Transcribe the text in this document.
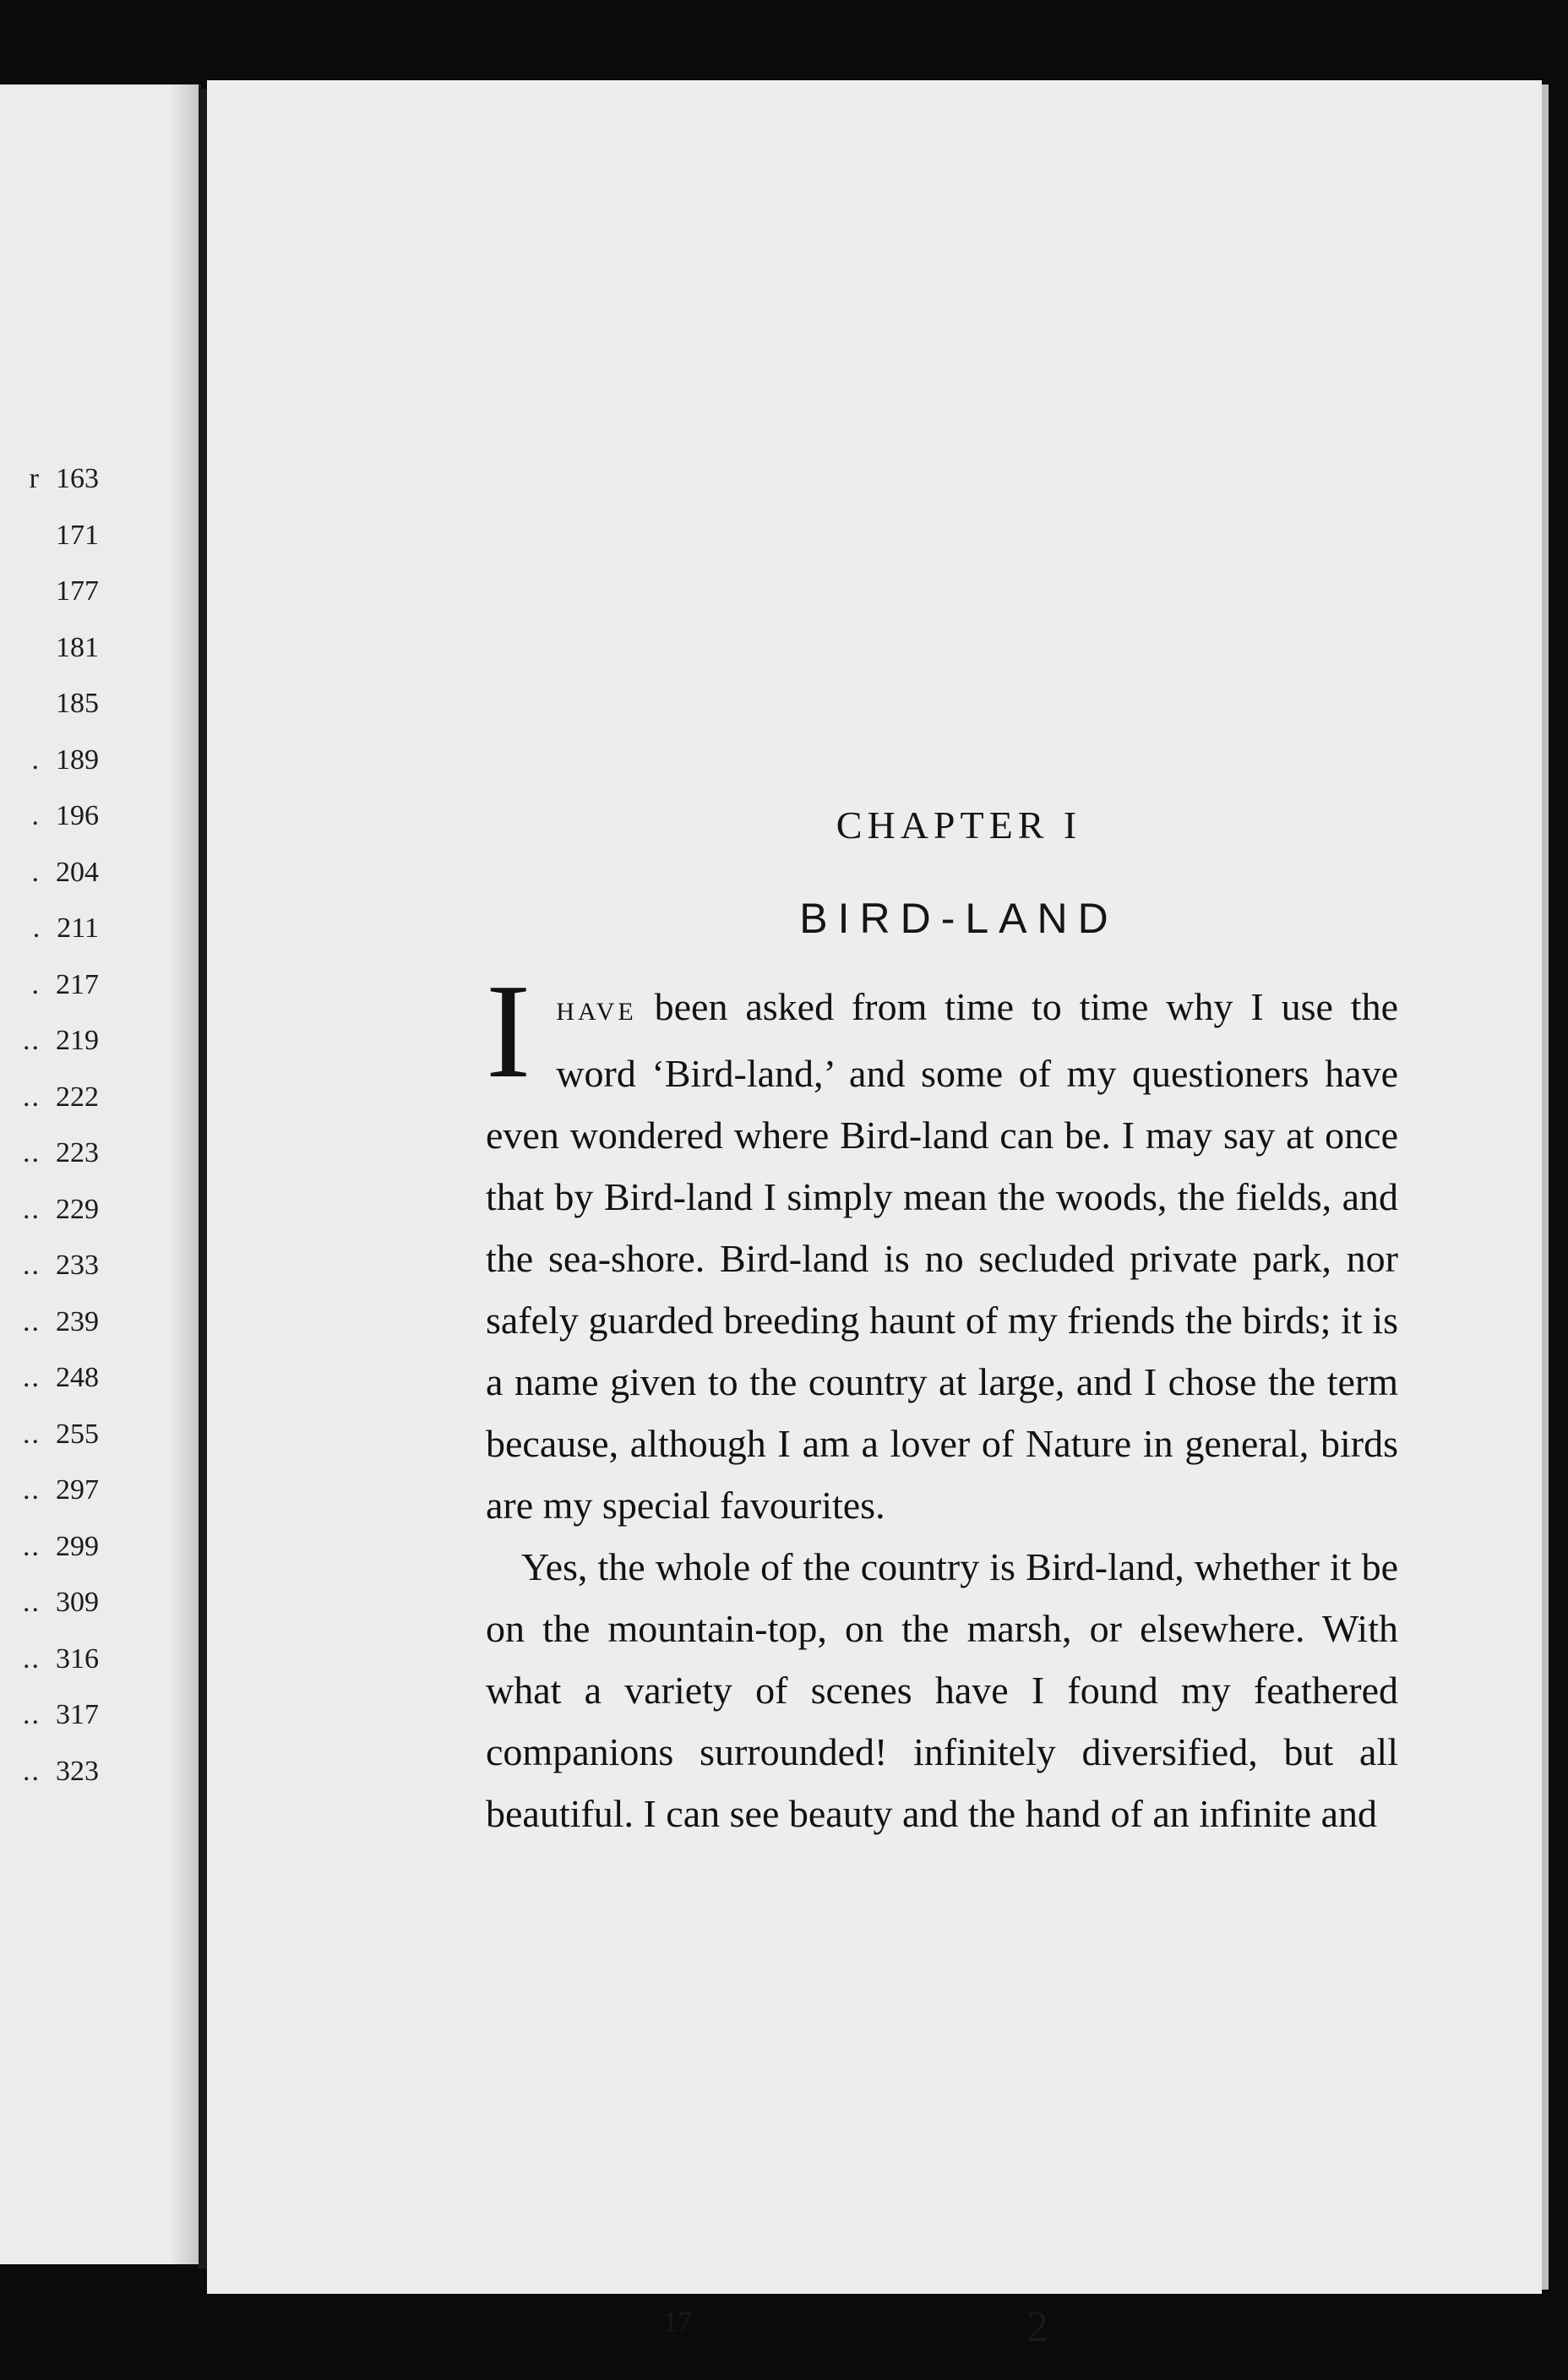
r 163
171
177
181
185
. 189
. 196
. 204
. 211
. 217
.. 219
.. 222
.. 223
.. 229
.. 233
.. 239
.. 248
.. 255
.. 297
.. 299
.. 309
.. 316
.. 317
.. 323
CHAPTER I
BIRD-LAND

I HAVE been asked from time to time why I use the word ‘Bird-land,’ and some of my questioners have even wondered where Bird-land can be. I may say at once that by Bird-land I simply mean the woods, the fields, and the sea-shore. Bird-land is no secluded private park, nor safely guarded breeding haunt of my friends the birds; it is a name given to the country at large, and I chose the term because, although I am a lover of Nature in general, birds are my special favourites.

Yes, the whole of the country is Bird-land, whether it be on the mountain-top, on the marsh, or elsewhere. With what a variety of scenes have I found my feathered companions surrounded! infinitely diversified, but all beautiful. I can see beauty and the hand of an infinite and

17	2
